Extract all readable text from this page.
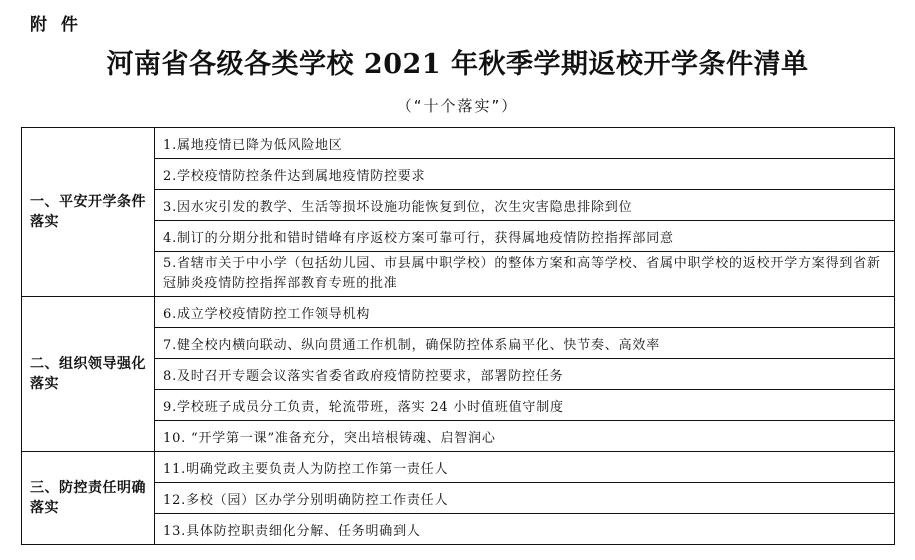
附 件
河南省各级各类学校 2021 年秋季学期返校开学条件清单
（“十个落实”）
一、平安开学条件落实	1.属地疫情已降为低风险地区
	2.学校疫情防控条件达到属地疫情防控要求
	3.因水灾引发的教学、生活等损坏设施功能恢复到位，次生灾害隐患排除到位
	4.制订的分期分批和错时错峰有序返校方案可靠可行，获得属地疫情防控指挥部同意
	5.省辖市关于中小学（包括幼儿园、市县属中职学校）的整体方案和高等学校、省属中职学校的返校开学方案得到省新冠肺炎疫情防控指挥部教育专班的批准
二、组织领导强化落实	6.成立学校疫情防控工作领导机构
	7.健全校内横向联动、纵向贯通工作机制，确保防控体系扁平化、快节奏、高效率
	8.及时召开专题会议落实省委省政府疫情防控要求，部署防控任务
	9.学校班子成员分工负责，轮流带班，落实 24 小时值班值守制度
	10. “开学第一课”准备充分，突出培根铸魂、启智润心
三、防控责任明确落实	11.明确党政主要负责人为防控工作第一责任人
	12.多校（园）区办学分别明确防控工作责任人
	13.具体防控职责细化分解、任务明确到人
